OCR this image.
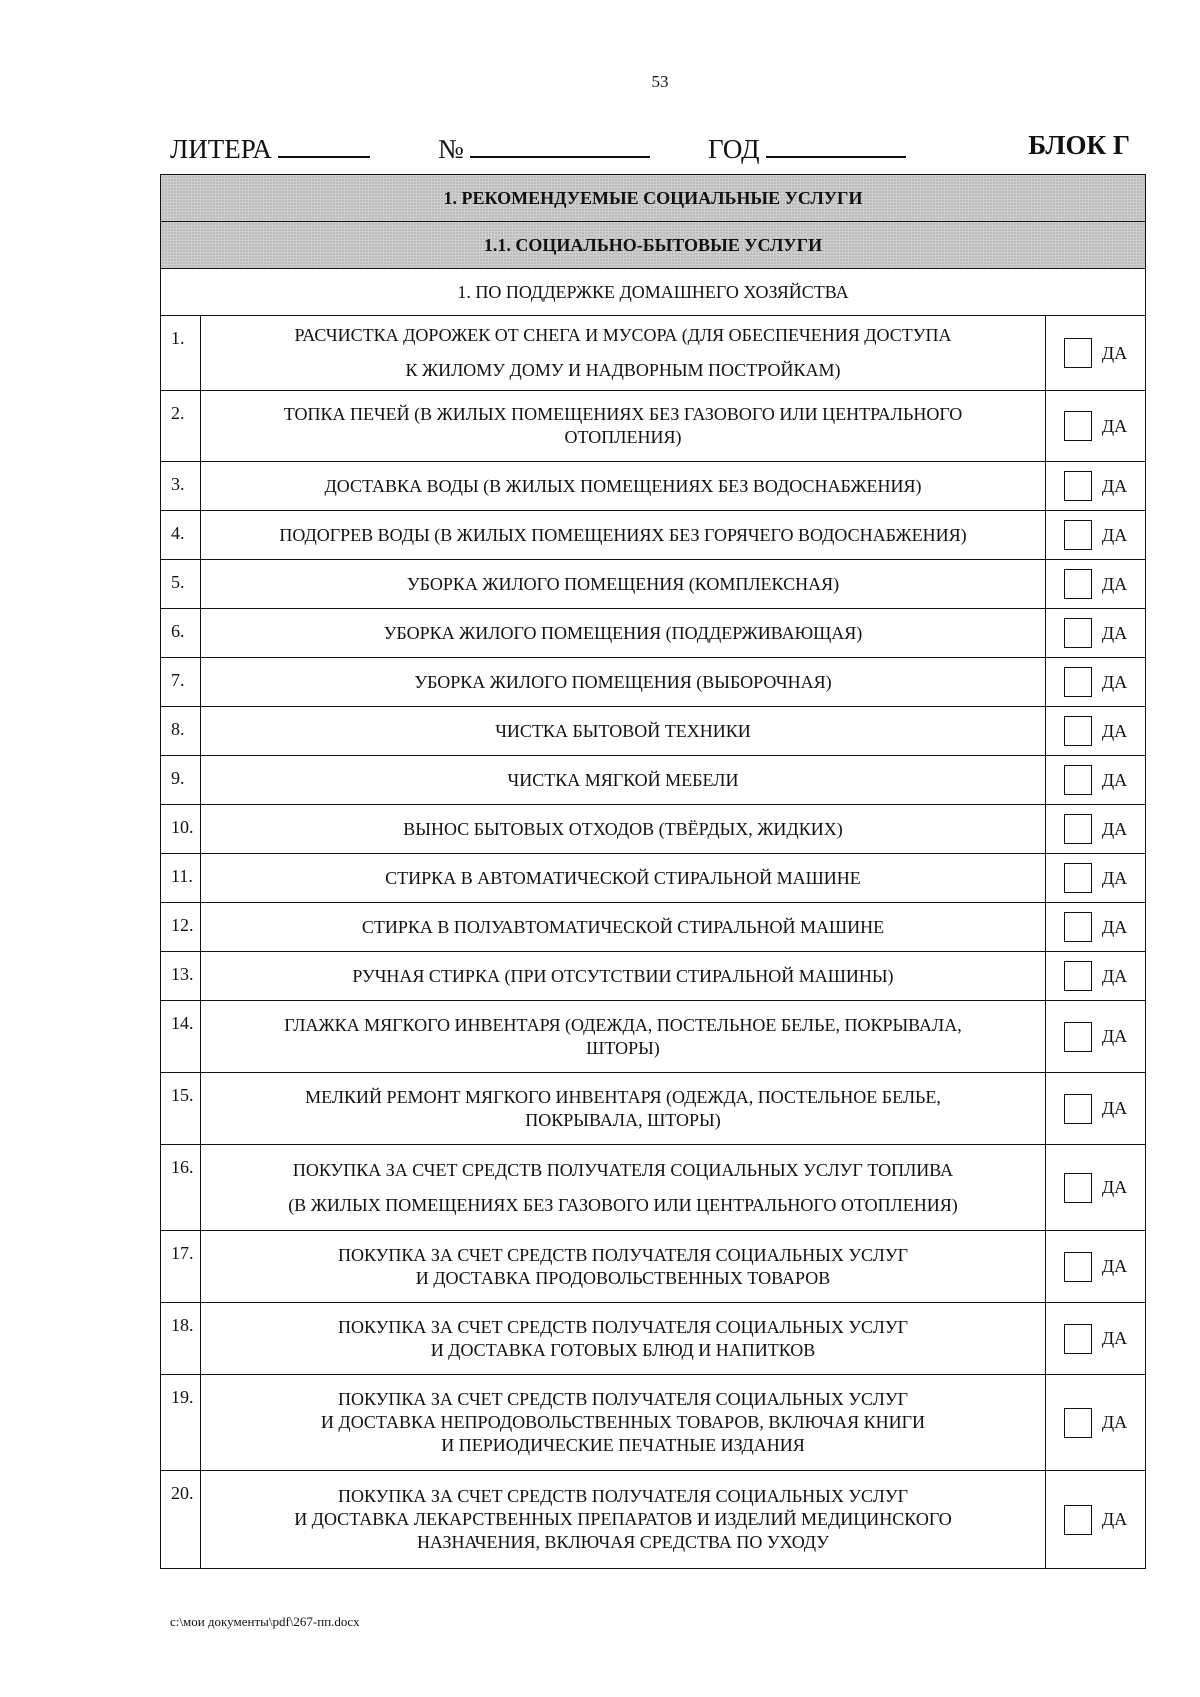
53
ЛИТЕРА	№	ГОД	БЛОК Г
1. РЕКОМЕНДУЕМЫЕ СОЦИАЛЬНЫЕ УСЛУГИ		
1.1. СОЦИАЛЬНО-БЫТОВЫЕ УСЛУГИ		
1. ПО ПОДДЕРЖКЕ ДОМАШНЕГО ХОЗЯЙСТВА		
1.	РАСЧИСТКА ДОРОЖЕК ОТ СНЕГА И МУСОРА (ДЛЯ ОБЕСПЕЧЕНИЯ ДОСТУПА
К ЖИЛОМУ ДОМУ И НАДВОРНЫМ ПОСТРОЙКАМ)	ДА

2.	ТОПКА ПЕЧЕЙ (В ЖИЛЫХ ПОМЕЩЕНИЯХ БЕЗ ГАЗОВОГО ИЛИ ЦЕНТРАЛЬНОГО
ОТОПЛЕНИЯ)	ДА

3.	ДОСТАВКА ВОДЫ (В ЖИЛЫХ ПОМЕЩЕНИЯХ БЕЗ ВОДОСНАБЖЕНИЯ)	ДА

4.	ПОДОГРЕВ ВОДЫ (В ЖИЛЫХ ПОМЕЩЕНИЯХ БЕЗ ГОРЯЧЕГО ВОДОСНАБЖЕНИЯ)	ДА

5.	УБОРКА ЖИЛОГО ПОМЕЩЕНИЯ (КОМПЛЕКСНАЯ)	ДА

6.	УБОРКА ЖИЛОГО ПОМЕЩЕНИЯ (ПОДДЕРЖИВАЮЩАЯ)	ДА

7.	УБОРКА ЖИЛОГО ПОМЕЩЕНИЯ (ВЫБОРОЧНАЯ)	ДА

8.	ЧИСТКА БЫТОВОЙ ТЕХНИКИ	ДА

9.	ЧИСТКА МЯГКОЙ МЕБЕЛИ	ДА

10.	ВЫНОС БЫТОВЫХ ОТХОДОВ (ТВЁРДЫХ, ЖИДКИХ)	ДА

11.	СТИРКА В АВТОМАТИЧЕСКОЙ СТИРАЛЬНОЙ МАШИНЕ	ДА

12.	СТИРКА В ПОЛУАВТОМАТИЧЕСКОЙ СТИРАЛЬНОЙ МАШИНЕ	ДА

13.	РУЧНАЯ СТИРКА (ПРИ ОТСУТСТВИИ СТИРАЛЬНОЙ МАШИНЫ)	ДА

14.	ГЛАЖКА МЯГКОГО ИНВЕНТАРЯ (ОДЕЖДА, ПОСТЕЛЬНОЕ БЕЛЬЕ, ПОКРЫВАЛА,
ШТОРЫ)	ДА

15.	МЕЛКИЙ РЕМОНТ МЯГКОГО ИНВЕНТАРЯ (ОДЕЖДА, ПОСТЕЛЬНОЕ БЕЛЬЕ,
ПОКРЫВАЛА, ШТОРЫ)	ДА

16.	ПОКУПКА ЗА СЧЕТ СРЕДСТВ ПОЛУЧАТЕЛЯ СОЦИАЛЬНЫХ УСЛУГ ТОПЛИВА
(В ЖИЛЫХ ПОМЕЩЕНИЯХ БЕЗ ГАЗОВОГО ИЛИ ЦЕНТРАЛЬНОГО ОТОПЛЕНИЯ)	ДА

17.	ПОКУПКА ЗА СЧЕТ СРЕДСТВ ПОЛУЧАТЕЛЯ СОЦИАЛЬНЫХ УСЛУГ
И ДОСТАВКА ПРОДОВОЛЬСТВЕННЫХ ТОВАРОВ	ДА

18.	ПОКУПКА ЗА СЧЕТ СРЕДСТВ ПОЛУЧАТЕЛЯ СОЦИАЛЬНЫХ УСЛУГ
И ДОСТАВКА ГОТОВЫХ БЛЮД И НАПИТКОВ	ДА

19.	ПОКУПКА ЗА СЧЕТ СРЕДСТВ ПОЛУЧАТЕЛЯ СОЦИАЛЬНЫХ УСЛУГ
И ДОСТАВКА НЕПРОДОВОЛЬСТВЕННЫХ ТОВАРОВ, ВКЛЮЧАЯ КНИГИ
И ПЕРИОДИЧЕСКИЕ ПЕЧАТНЫЕ ИЗДАНИЯ	ДА

20.	ПОКУПКА ЗА СЧЕТ СРЕДСТВ ПОЛУЧАТЕЛЯ СОЦИАЛЬНЫХ УСЛУГ
И ДОСТАВКА ЛЕКАРСТВЕННЫХ ПРЕПАРАТОВ И ИЗДЕЛИЙ МЕДИЦИНСКОГО
НАЗНАЧЕНИЯ, ВКЛЮЧАЯ СРЕДСТВА ПО УХОДУ	ДА
c:\мои документы\pdf\267-пп.docx
